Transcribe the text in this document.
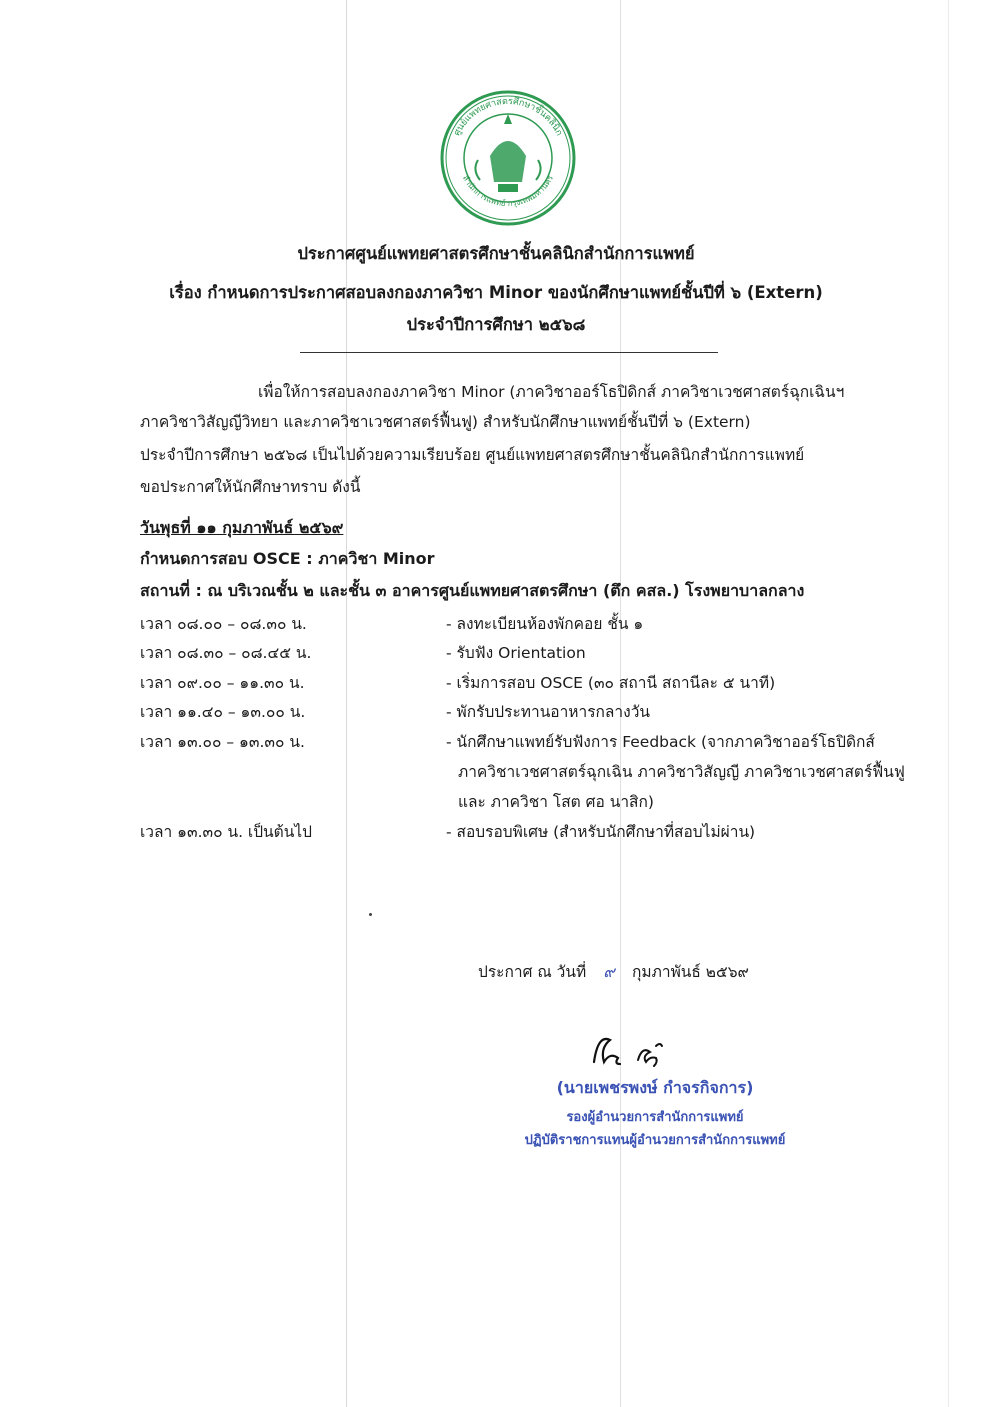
ศูนย์แพทยศาสตรศึกษาชั้นคลินิก
สำนักการแพทย์ กรุงเทพมหานคร
ประกาศศูนย์แพทยศาสตรศึกษาชั้นคลินิกสำนักการแพทย์
เรื่อง กำหนดการประกาศสอบลงกองภาควิชา Minor ของนักศึกษาแพทย์ชั้นปีที่ ๖ (Extern)
ประจำปีการศึกษา ๒๕๖๘
เพื่อให้การสอบลงกองภาควิชา Minor (ภาควิชาออร์โธปิดิกส์ ภาควิชาเวชศาสตร์ฉุกเฉินฯ
ภาควิชาวิสัญญีวิทยา และภาควิชาเวชศาสตร์ฟื้นฟู) สำหรับนักศึกษาแพทย์ชั้นปีที่ ๖ (Extern)
ประจำปีการศึกษา ๒๕๖๘ เป็นไปด้วยความเรียบร้อย ศูนย์แพทยศาสตรศึกษาชั้นคลินิกสำนักการแพทย์
ขอประกาศให้นักศึกษาทราบ ดังนี้
วันพุธที่ ๑๑ กุมภาพันธ์ ๒๕๖๙
กำหนดการสอบ OSCE : ภาควิชา Minor
สถานที่ : ณ บริเวณชั้น ๒ และชั้น ๓ อาคารศูนย์แพทยศาสตรศึกษา (ตึก คสล.) โรงพยาบาลกลาง
เวลา ๐๘.๐๐ – ๐๘.๓๐ น.	- ลงทะเบียนห้องพักคอย ชั้น ๑
เวลา ๐๘.๓๐ – ๐๘.๔๕ น.	- รับฟัง Orientation
เวลา ๐๙.๐๐ – ๑๑.๓๐ น.	- เริ่มการสอบ OSCE (๓๐ สถานี สถานีละ ๕ นาที)
เวลา ๑๑.๔๐ – ๑๓.๐๐ น.	- พักรับประทานอาหารกลางวัน
เวลา ๑๓.๐๐ – ๑๓.๓๐ น.	- นักศึกษาแพทย์รับฟังการ Feedback (จากภาควิชาออร์โธปิดิกส์
ภาควิชาเวชศาสตร์ฉุกเฉิน ภาควิชาวิสัญญี ภาควิชาเวชศาสตร์ฟื้นฟู
และ ภาควิชา โสต ศอ นาสิก)
เวลา ๑๓.๓๐ น. เป็นต้นไป	- สอบรอบพิเศษ (สำหรับนักศึกษาที่สอบไม่ผ่าน)
ประกาศ ณ วันที่ ๙ กุมภาพันธ์ ๒๕๖๙
(นายเพชรพงษ์ กำจรกิจการ)
รองผู้อำนวยการสำนักการแพทย์
ปฏิบัติราชการแทนผู้อำนวยการสำนักการแพทย์
